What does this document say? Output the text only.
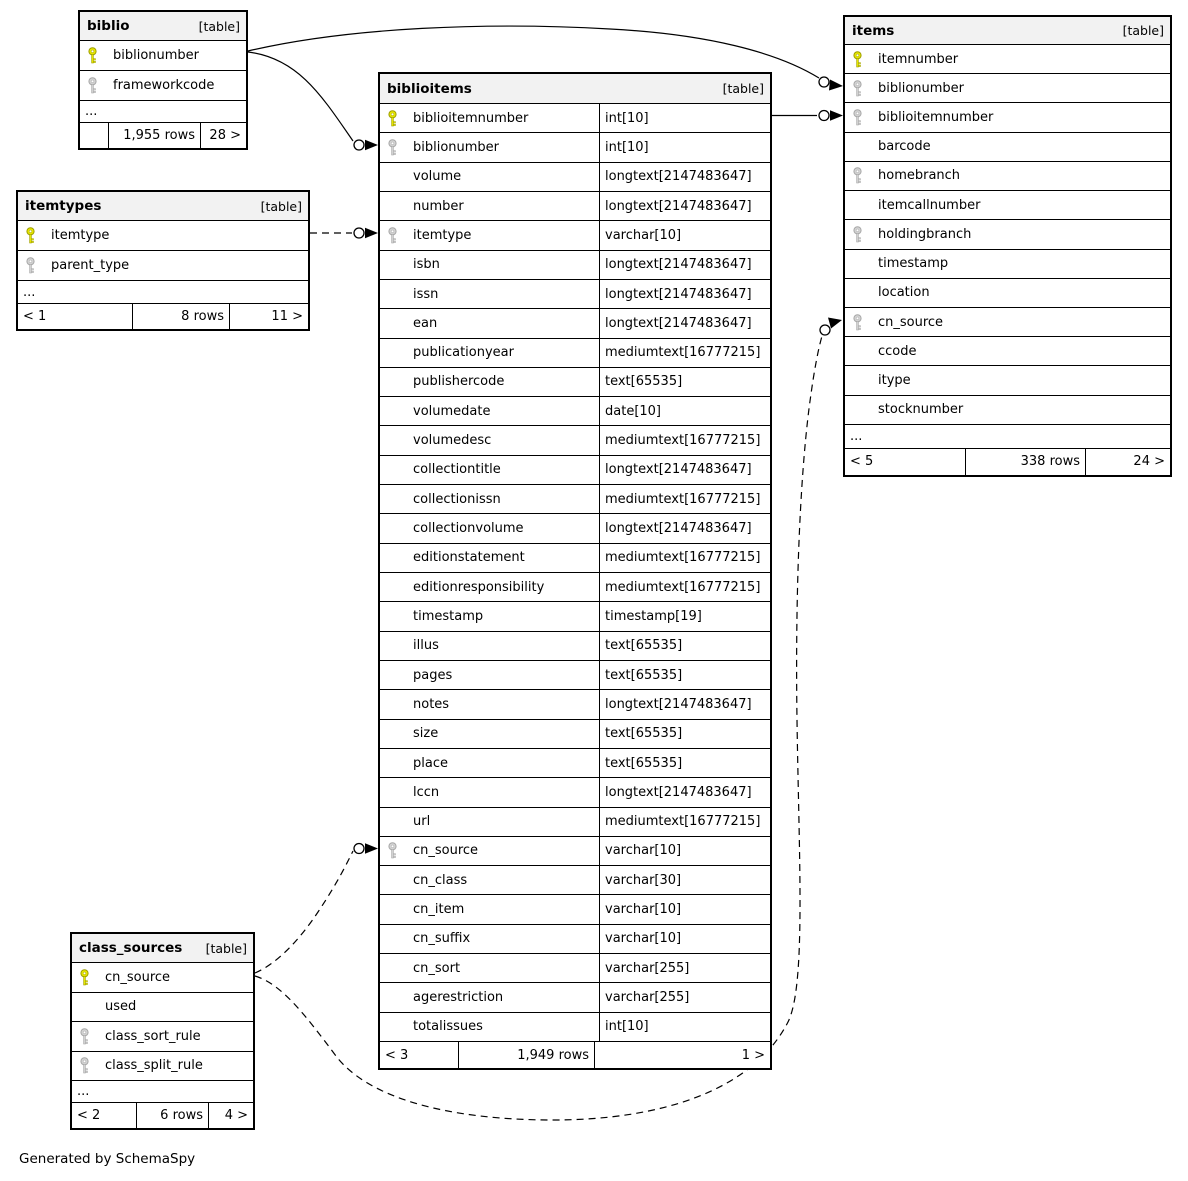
biblio	[table]
biblionumber
frameworkcode
...
1,955 rows	28 >
itemtypes	[table]
itemtype
parent_type
...
< 1	8 rows	11 >
biblioitems	[table]
biblioitemnumber	int[10]
biblionumber	int[10]
volume	longtext[2147483647]
number	longtext[2147483647]
itemtype	varchar[10]
isbn	longtext[2147483647]
issn	longtext[2147483647]
ean	longtext[2147483647]
publicationyear	mediumtext[16777215]
publishercode	text[65535]
volumedate	date[10]
volumedesc	mediumtext[16777215]
collectiontitle	longtext[2147483647]
collectionissn	mediumtext[16777215]
collectionvolume	longtext[2147483647]
editionstatement	mediumtext[16777215]
editionresponsibility	mediumtext[16777215]
timestamp	timestamp[19]
illus	text[65535]
pages	text[65535]
notes	longtext[2147483647]
size	text[65535]
place	text[65535]
lccn	longtext[2147483647]
url	mediumtext[16777215]
cn_source	varchar[10]
cn_class	varchar[30]
cn_item	varchar[10]
cn_suffix	varchar[10]
cn_sort	varchar[255]
agerestriction	varchar[255]
totalissues	int[10]
< 3	1,949 rows	1 >
items	[table]
itemnumber
biblionumber
biblioitemnumber
barcode
homebranch
itemcallnumber
holdingbranch
timestamp
location
cn_source
ccode
itype
stocknumber
...
< 5	338 rows	24 >
class_sources [table]
cn_source
used
class_sort_rule
class_split_rule
...
< 2	6 rows	4 >
Generated by SchemaSpy
